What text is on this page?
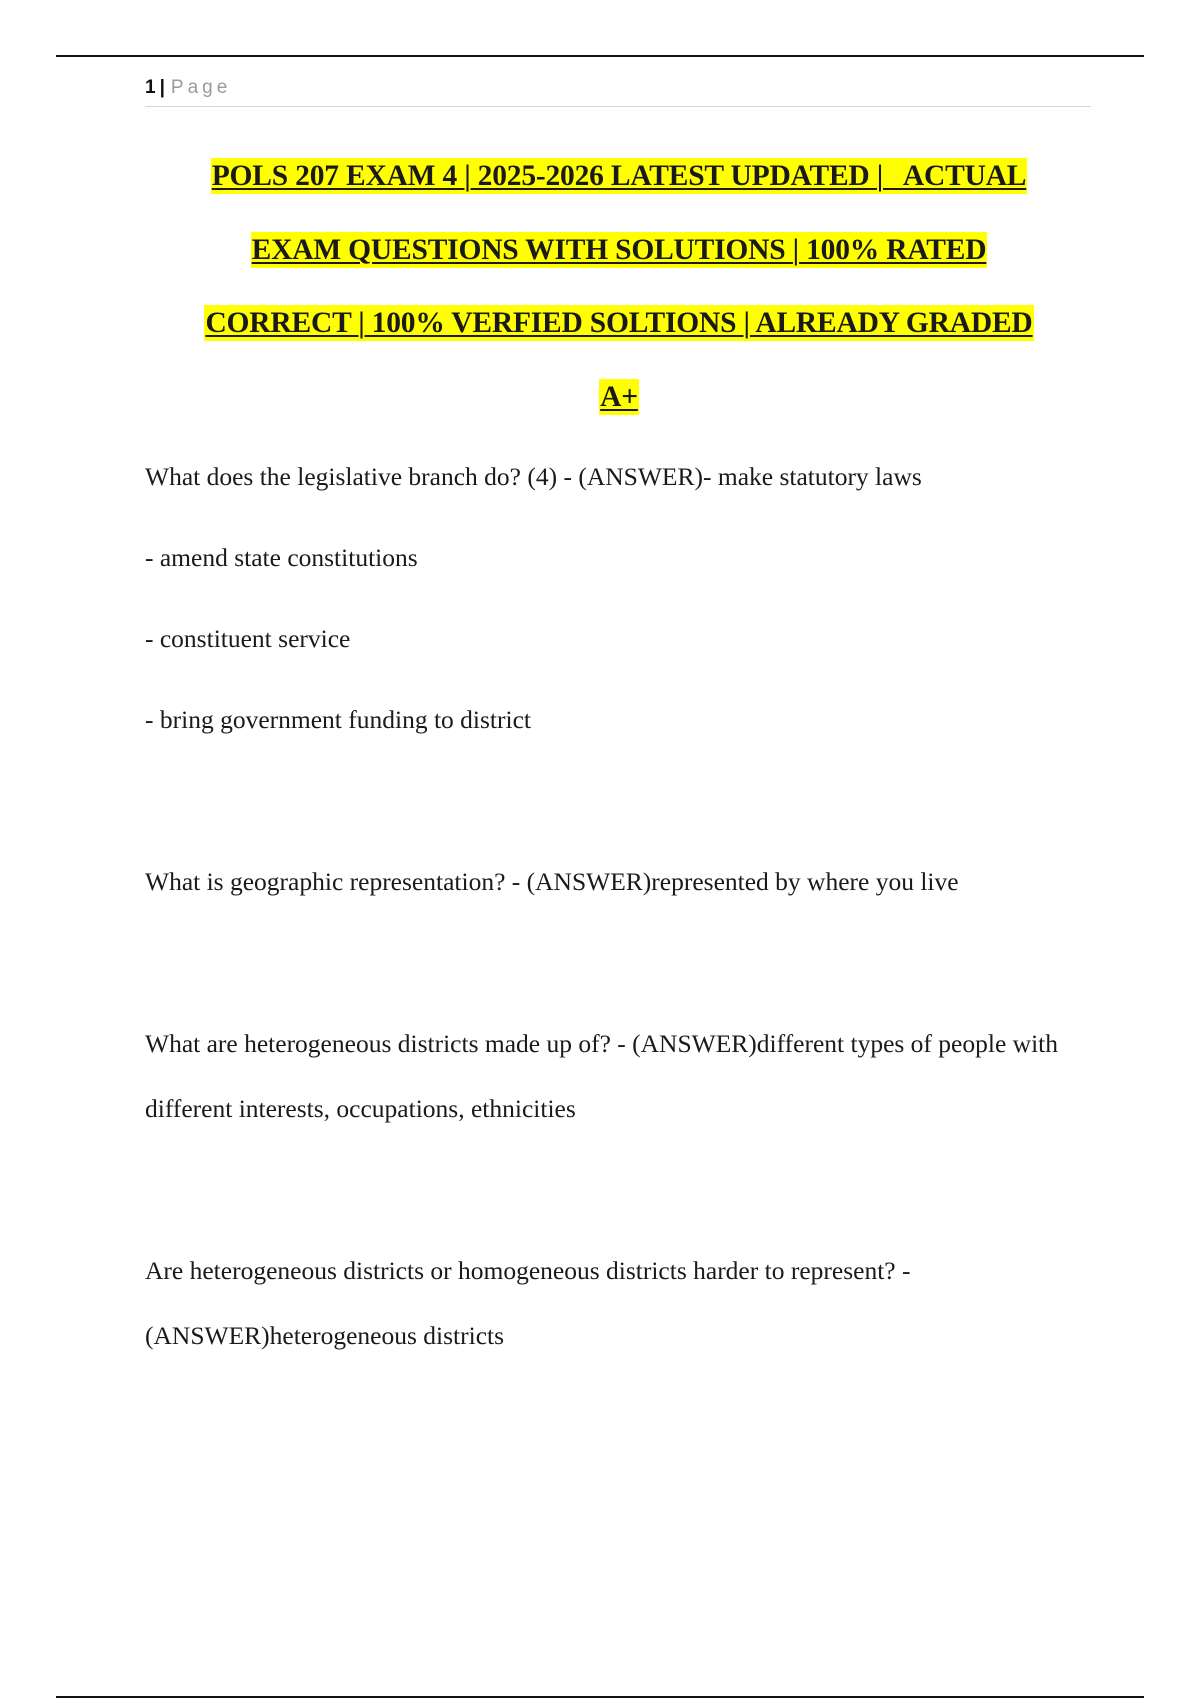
1 | Page
POLS 207 EXAM 4 | 2025-2026 LATEST UPDATED |   ACTUAL
EXAM QUESTIONS WITH SOLUTIONS | 100% RATED
CORRECT | 100% VERFIED SOLTIONS | ALREADY GRADED
A+

What does the legislative branch do? (4) - (ANSWER)- make statutory laws

- amend state constitutions

- constituent service

- bring government funding to district

What is geographic representation? - (ANSWER)represented by where you live

What are heterogeneous districts made up of? - (ANSWER)different types of people with different interests, occupations, ethnicities

Are heterogeneous districts or homogeneous districts harder to represent? - (ANSWER)heterogeneous districts
